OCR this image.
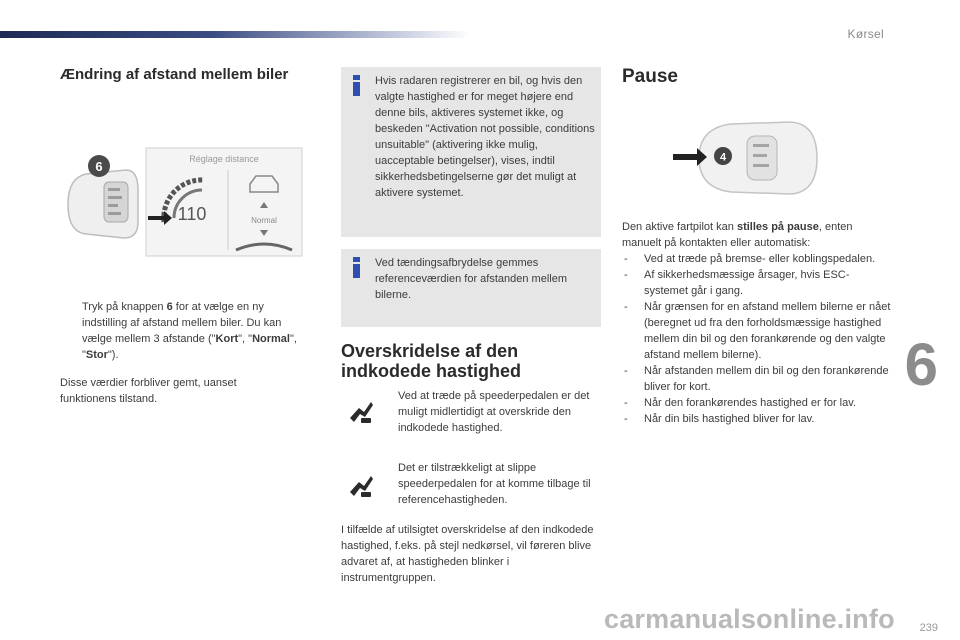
Kørsel
6
239
carmanualsonline.info
Ændring af afstand mellem biler
6	Réglage distance
110	Normal
Tryk på knappen 6 for at vælge en ny indstilling af afstand mellem biler. Du kan vælge mellem 3 afstande ("Kort", "Normal", "Stor").
Disse værdier forbliver gemt, uanset funktionens tilstand.
Hvis radaren registrerer en bil, og hvis den valgte hastighed er for meget højere end denne bils, aktiveres systemet ikke, og beskeden "Activation not possible, conditions unsuitable" (aktivering ikke mulig, uacceptable betingelser), vises, indtil sikkerhedsbetingelserne gør det muligt at aktivere systemet.
Ved tændingsafbrydelse gemmes referenceværdien for afstanden mellem bilerne.
Overskridelse af den indkodede hastighed
Ved at træde på speederpedalen er det muligt midlertidigt at overskride den indkodede hastighed.
Det er tilstrækkeligt at slippe speederpedalen for at komme tilbage til referencehastigheden.
I tilfælde af utilsigtet overskridelse af den indkodede hastighed, f.eks. på stejl nedkørsel, vil føreren blive advaret af, at hastigheden blinker i instrumentgruppen.
Pause
4
Den aktive fartpilot kan stilles på pause, enten manuelt på kontakten eller automatisk:
- Ved at træde på bremse- eller koblingspedalen.
- Af sikkerhedsmæssige årsager, hvis ESC-systemet går i gang.
- Når grænsen for en afstand mellem bilerne er nået (beregnet ud fra den forholdsmæssige hastighed mellem din bil og den forankørende og den valgte afstand mellem bilerne).
- Når afstanden mellem din bil og den forankørende bliver for kort.
- Når den forankørendes hastighed er for lav.
- Når din bils hastighed bliver for lav.
